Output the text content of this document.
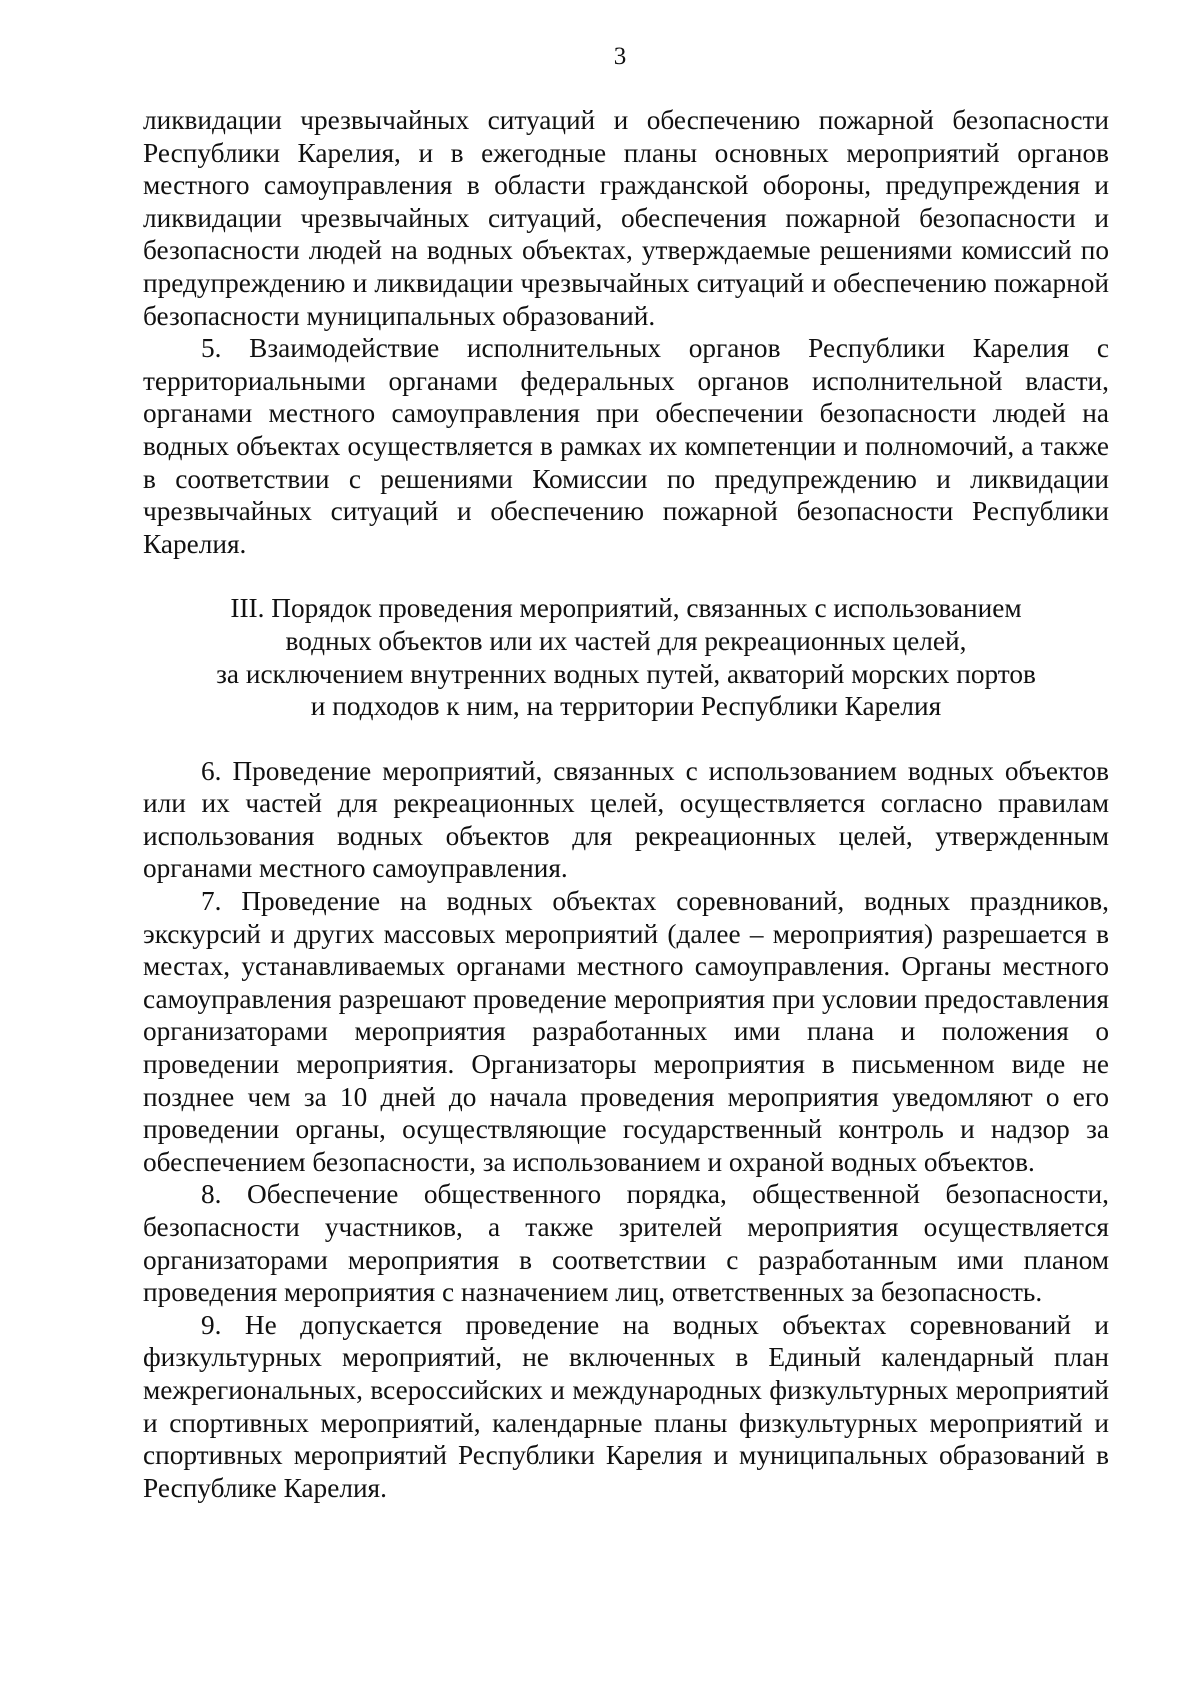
3

ликвидации чрезвычайных ситуаций и обеспечению пожарной безопасности Республики Карелия, и в ежегодные планы основных мероприятий органов местного самоуправления в области гражданской обороны, предупреждения и ликвидации чрезвычайных ситуаций, обеспечения пожарной безопасности и безопасности людей на водных объектах, утверждаемые решениями комиссий по предупреждению и ликвидации чрезвычайных ситуаций и обеспечению пожарной безопасности муниципальных образований.

5. Взаимодействие исполнительных органов Республики Карелия с территориальными органами федеральных органов исполнительной власти, органами местного самоуправления при обеспечении безопасности людей на водных объектах осуществляется в рамках их компетенции и полномочий, а также в соответствии с решениями Комиссии по предупреждению и ликвидации чрезвычайных ситуаций и обеспечению пожарной безопасности Республики Карелия.

III. Порядок проведения мероприятий, связанных с использованием
водных объектов или их частей для рекреационных целей,
за исключением внутренних водных путей, акваторий морских портов
и подходов к ним, на территории Республики Карелия

6. Проведение мероприятий, связанных с использованием водных объектов или их частей для рекреационных целей, осуществляется согласно правилам использования водных объектов для рекреационных целей, утвержденным органами местного самоуправления.

7. Проведение на водных объектах соревнований, водных праздников, экскурсий и других массовых мероприятий (далее – мероприятия) разрешается в местах, устанавливаемых органами местного самоуправления. Органы местного самоуправления разрешают проведение мероприятия при условии предоставления организаторами мероприятия разработанных ими плана и положения о проведении мероприятия. Организаторы мероприятия в письменном виде не позднее чем за 10 дней до начала проведения мероприятия уведомляют о его проведении органы, осуществляющие государственный контроль и надзор за обеспечением безопасности, за использованием и охраной водных объектов.

8. Обеспечение общественного порядка, общественной безопасности, безопасности участников, а также зрителей мероприятия осуществляется организаторами мероприятия в соответствии с разработанным ими планом проведения мероприятия с назначением лиц, ответственных за безопасность.

9. Не допускается проведение на водных объектах соревнований и физкультурных мероприятий, не включенных в Единый календарный план межрегиональных, всероссийских и международных физкультурных мероприятий и спортивных мероприятий, календарные планы физкультурных мероприятий и спортивных мероприятий Республики Карелия и муниципальных образований в Республике Карелия.
